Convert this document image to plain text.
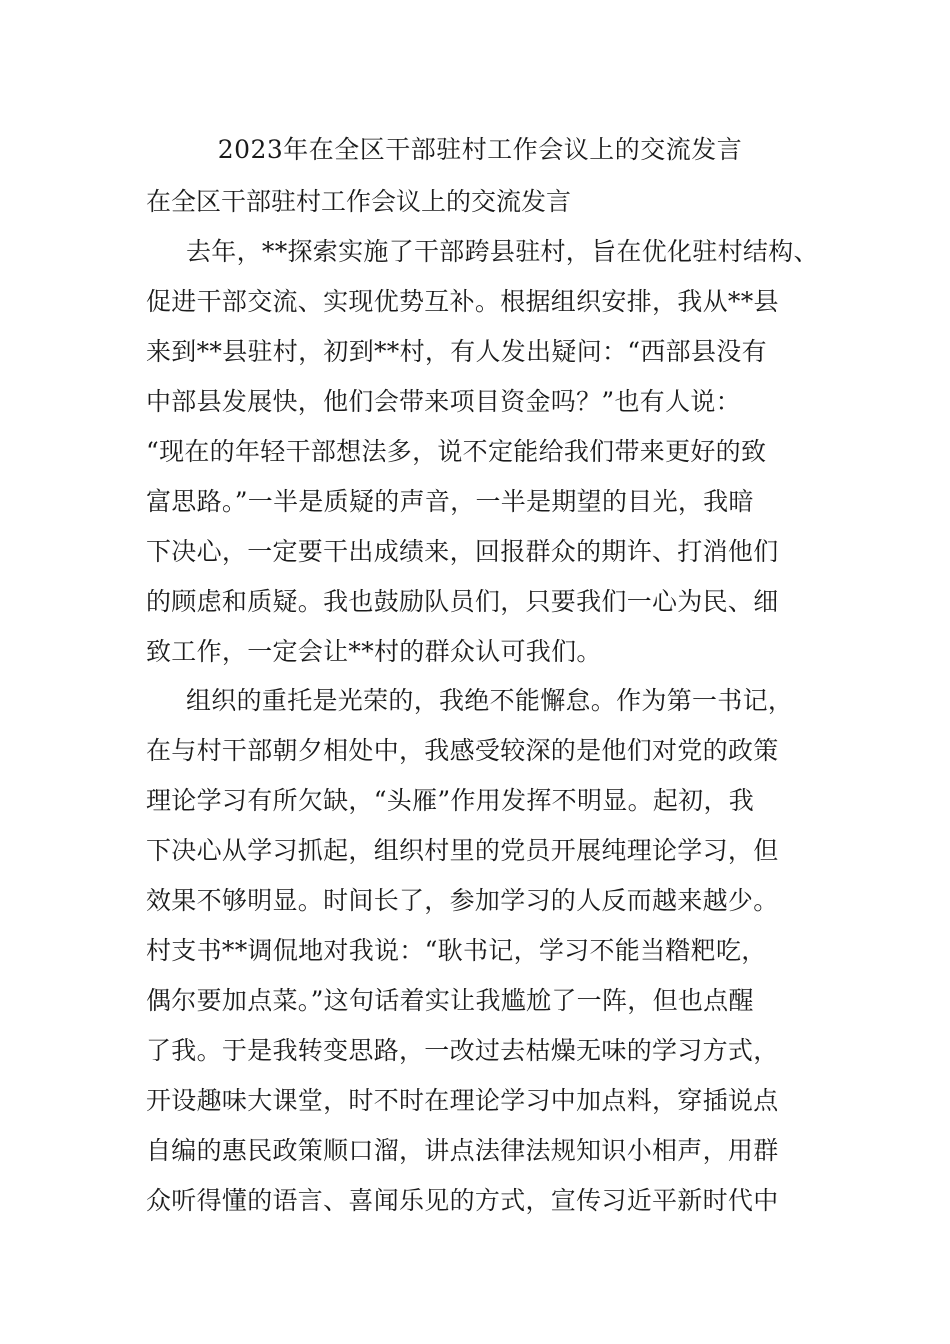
2023年在全区干部驻村工作会议上的交流发言
在全区干部驻村工作会议上的交流发言
去年，**探索实施了干部跨县驻村，旨在优化驻村结构、
促进干部交流、实现优势互补。根据组织安排，我从**县
来到**县驻村，初到**村，有人发出疑问：“西部县没有
中部县发展快，他们会带来项目资金吗？”也有人说：
“现在的年轻干部想法多，说不定能给我们带来更好的致
富思路。”一半是质疑的声音，一半是期望的目光，我暗
下决心，一定要干出成绩来，回报群众的期许、打消他们
的顾虑和质疑。我也鼓励队员们，只要我们一心为民、细
致工作，一定会让**村的群众认可我们。
组织的重托是光荣的，我绝不能懈怠。作为第一书记，
在与村干部朝夕相处中，我感受较深的是他们对党的政策
理论学习有所欠缺，“头雁”作用发挥不明显。起初，我
下决心从学习抓起，组织村里的党员开展纯理论学习，但
效果不够明显。时间长了，参加学习的人反而越来越少。
村支书**调侃地对我说：“耿书记，学习不能当糌粑吃，
偶尔要加点菜。”这句话着实让我尴尬了一阵，但也点醒
了我。于是我转变思路，一改过去枯燥无味的学习方式，
开设趣味大课堂，时不时在理论学习中加点料，穿插说点
自编的惠民政策顺口溜，讲点法律法规知识小相声，用群
众听得懂的语言、喜闻乐见的方式，宣传习近平新时代中
